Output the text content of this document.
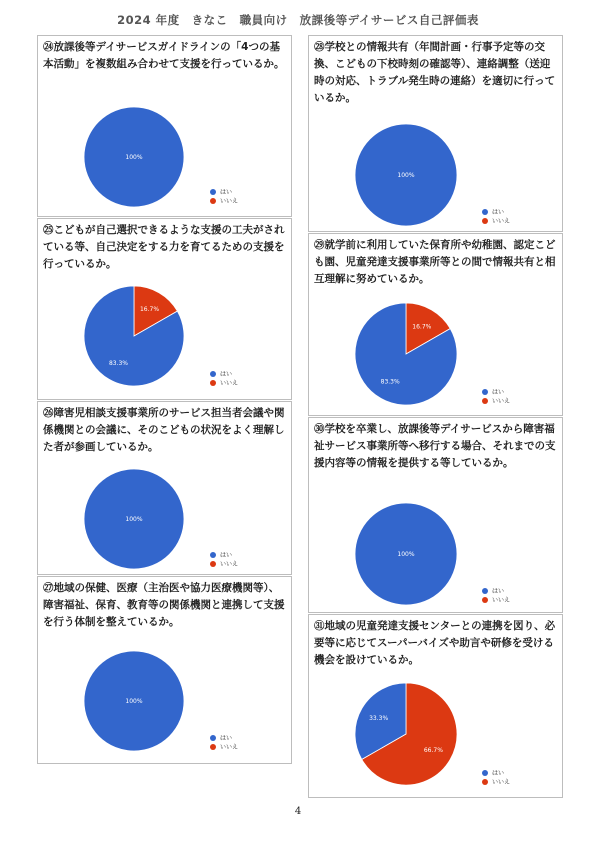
2024 年度　きなこ　職員向け　放課後等デイサービス自己評価表
㉔放課後等デイサービスガイドラインの「4つの基本活動」を複数組み合わせて支援を行っているか。
100%
はい
いいえ
㉕こどもが自己選択できるような支援の工夫がされている等、自己決定をする力を育てるための支援を行っているか。
16.7%
83.3%
はい
いいえ
㉖障害児相談支援事業所のサービス担当者会議や関係機関との会議に、そのこどもの状況をよく理解した者が参画しているか。
100%
はい
いいえ
㉗地域の保健、医療（主治医や協力医療機関等）、障害福祉、保育、教育等の関係機関と連携して支援を行う体制を整えているか。
100%
はい
いいえ
㉘学校との情報共有（年間計画・行事予定等の交換、こどもの下校時刻の確認等）、連絡調整（送迎時の対応、トラブル発生時の連絡）を適切に行っているか。
100%
はい
いいえ
㉙就学前に利用していた保育所や幼稚園、認定こども園、児童発達支援事業所等との間で情報共有と相互理解に努めているか。
16.7%
83.3%
はい
いいえ
㉚学校を卒業し、放課後等デイサービスから障害福祉サービス事業所等へ移行する場合、それまでの支援内容等の情報を提供する等しているか。
100%
はい
いいえ
㉛地域の児童発達支援センターとの連携を図り、必要等に応じてスーパーバイズや助言や研修を受ける機会を設けているか。
66.7%
33.3%
はい
いいえ
4
